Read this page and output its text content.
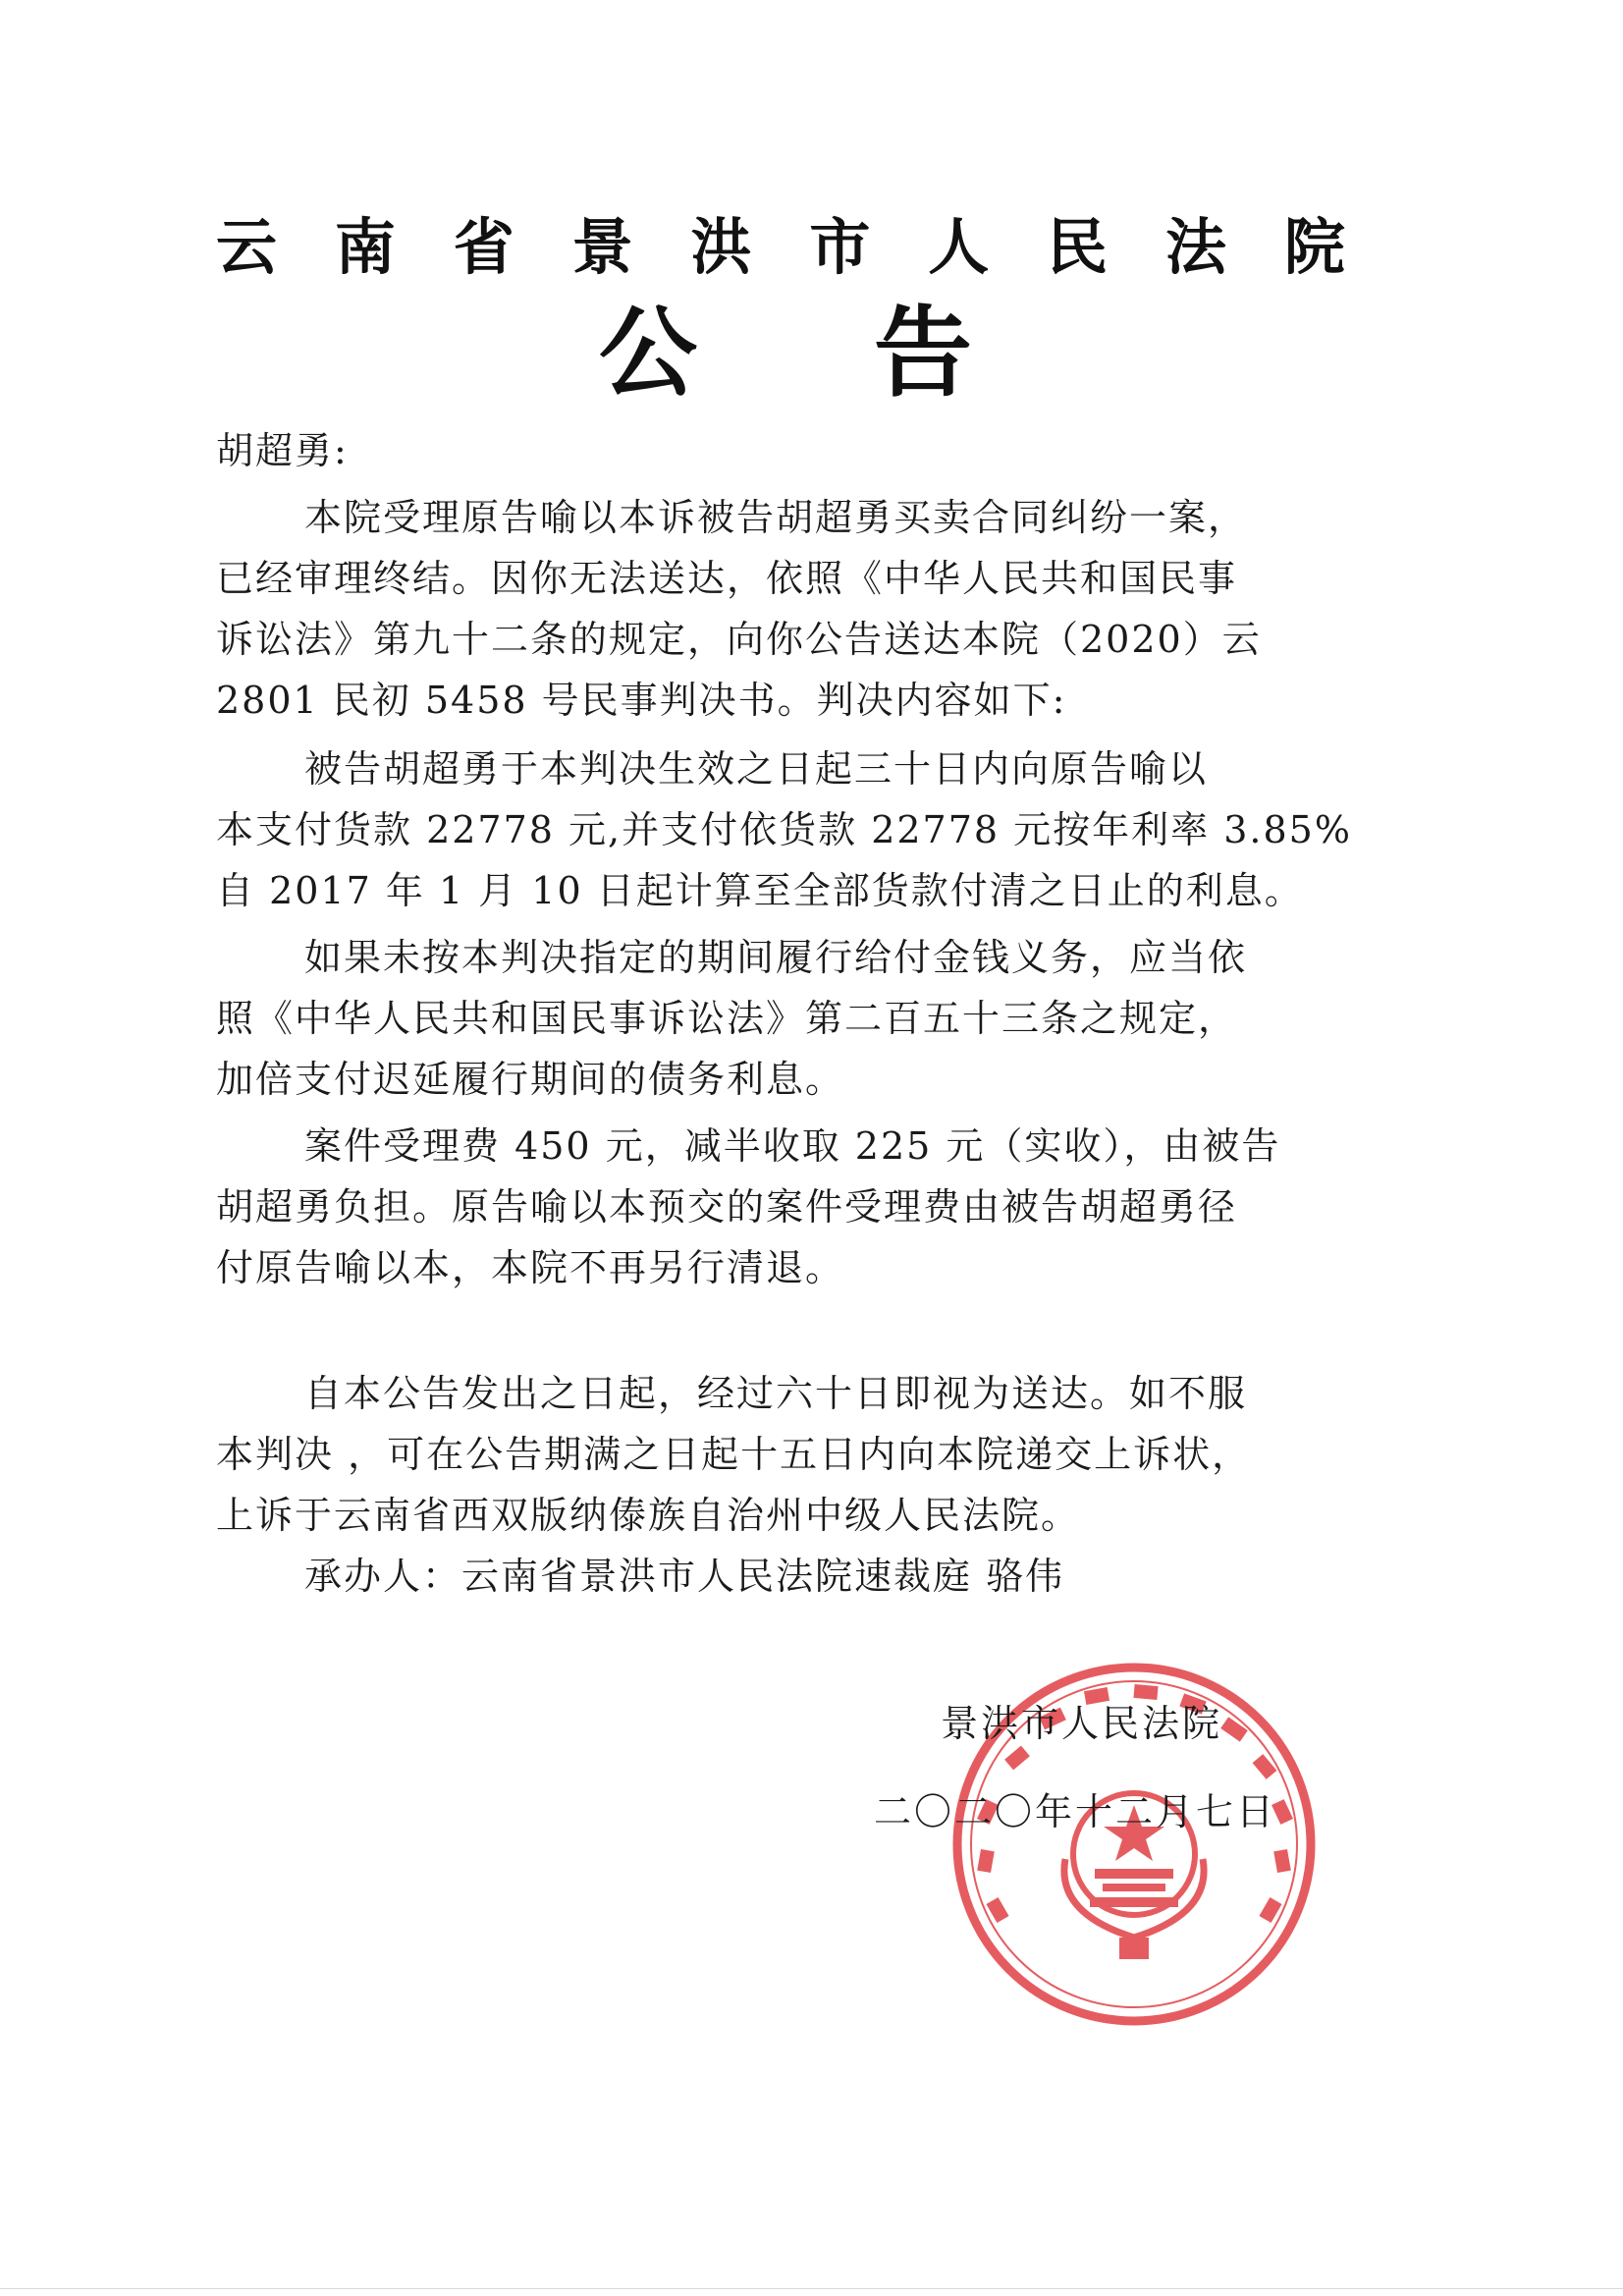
云 南 省 景 洪 市 人 民 法 院
公 告
胡超勇:
本院受理原告喻以本诉被告胡超勇买卖合同纠纷一案，
已经审理终结。因你无法送达，依照《中华人民共和国民事
诉讼法》第九十二条的规定，向你公告送达本院（2020）云
2801 民初 5458 号民事判决书。判决内容如下:
被告胡超勇于本判决生效之日起三十日内向原告喻以
本支付货款 22778 元,并支付依货款 22778 元按年利率 3.85%
自 2017 年 1 月 10 日起计算至全部货款付清之日止的利息。
如果未按本判决指定的期间履行给付金钱义务，应当依
照《中华人民共和国民事诉讼法》第二百五十三条之规定，
加倍支付迟延履行期间的债务利息。
案件受理费 450 元，减半收取 225 元（实收），由被告
胡超勇负担。原告喻以本预交的案件受理费由被告胡超勇径
付原告喻以本，本院不再另行清退。
自本公告发出之日起，经过六十日即视为送达。如不服
本判决 ，可在公告期满之日起十五日内向本院递交上诉状，
上诉于云南省西双版纳傣族自治州中级人民法院。
承办人：云南省景洪市人民法院速裁庭 骆伟
景洪市人民法院
二〇二〇年十二月七日
